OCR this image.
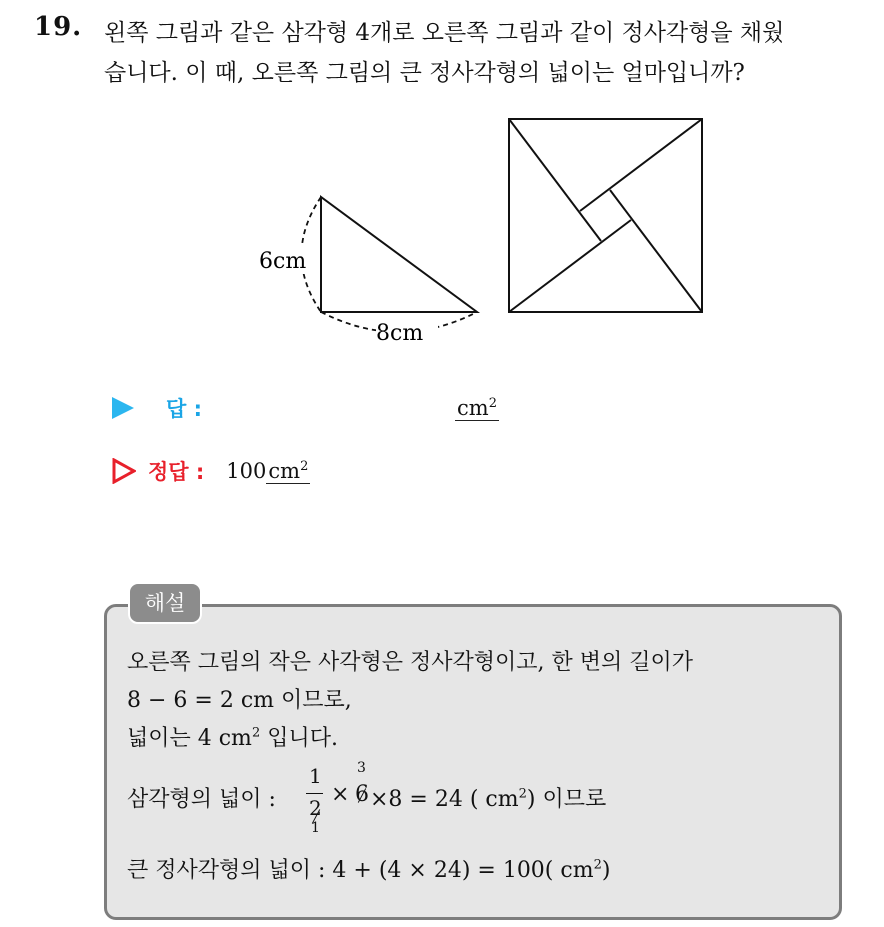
19. 왼쪽 그림과 같은 삼각형 4개로 오른쪽 그림과 같이 정사각형을 채웠
습니다. 이 때, 오른쪽 그림의 큰 정사각형의 넓이는 얼마입니까?
6cm
8cm
답 :	$cm^2$
정답 : 100 $cm^2$
해설
오른쪽 그림의 작은 사각형은 정사각형이고, 한 변의 길이가
8 − 6 = 2 cm 이므로,
넓이는 4 $cm^2$ 입니다.
삼각형의 넓이 :
1
2
1
× 6
3
×8 = 24 ( $cm^2$) 이므로
큰 정사각형의 넓이 : 4 + (4 × 24) = 100( $cm^2$)
